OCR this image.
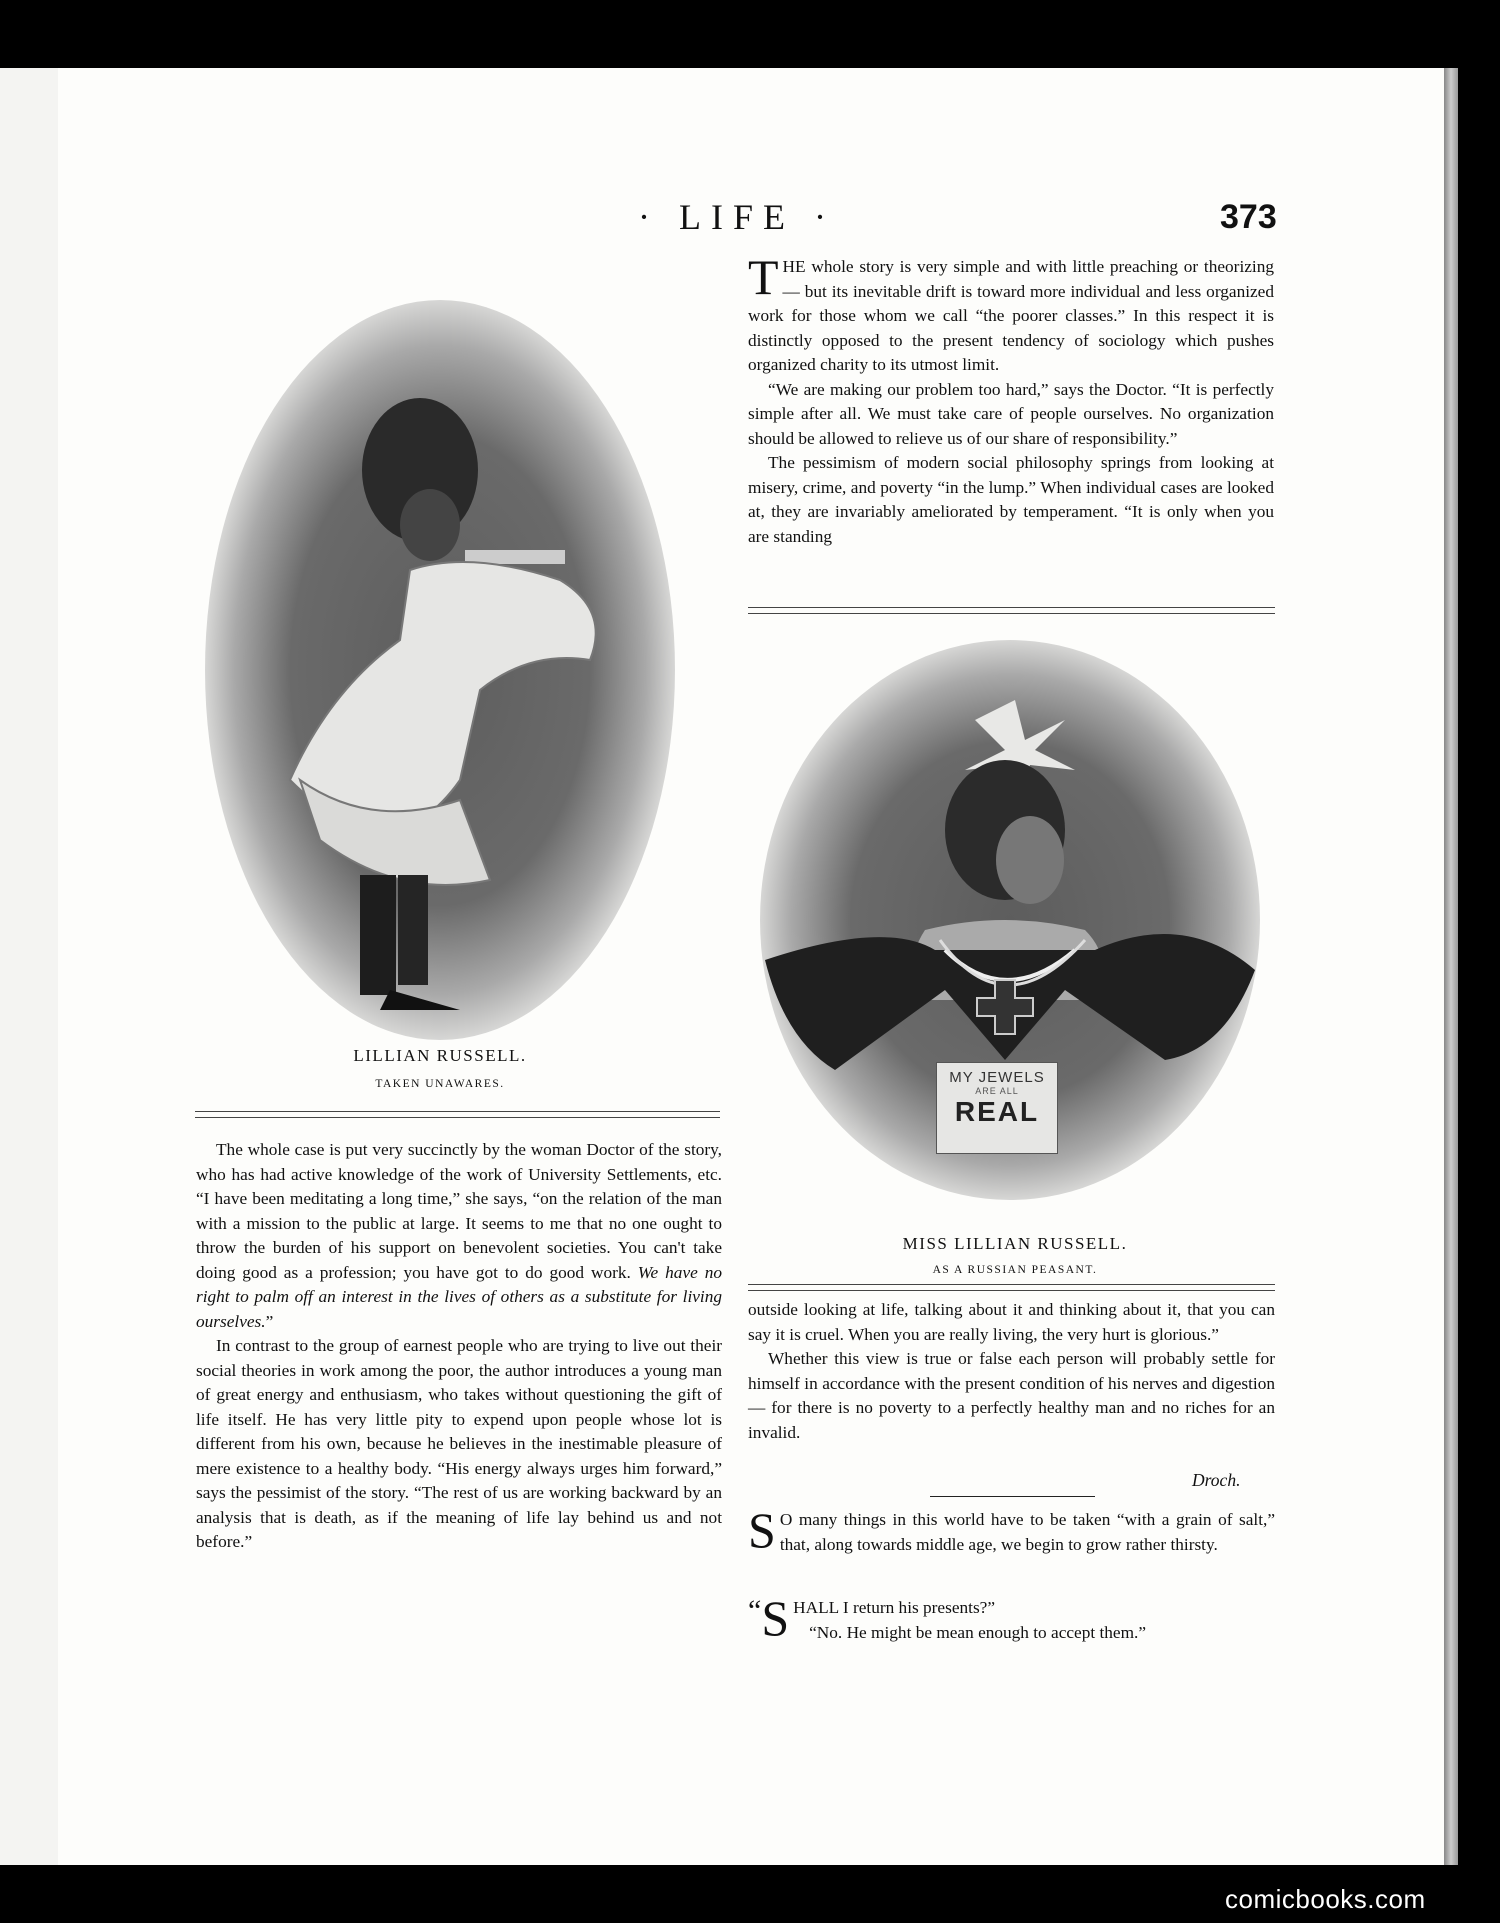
· LIFE ·	373
LILLIAN RUSSELL.
TAKEN UNAWARES.

THE whole story is very simple and with little preaching or theorizing — but its inevitable drift is toward more individual and less organized work for those whom we call “the poorer classes.” In this respect it is distinctly opposed to the present tendency of sociology which pushes organized charity to its utmost limit.

“We are making our problem too hard,” says the Doctor. “It is perfectly simple after all. We must take care of people ourselves. No organization should be allowed to relieve us of our share of responsibility.”

The pessimism of modern social philosophy springs from looking at misery, crime, and poverty “in the lump.” When individual cases are looked at, they are invariably ameliorated by temperament. “It is only when you are standing

MY JEWELS
ARE ALL
REAL
MISS LILLIAN RUSSELL.
AS A RUSSIAN PEASANT.

The whole case is put very succinctly by the woman Doctor of the story, who has had active knowledge of the work of University Settlements, etc. “I have been meditating a long time,” she says, “on the relation of the man with a mission to the public at large. It seems to me that no one ought to throw the burden of his support on benevolent societies. You can't take doing good as a profession; you have got to do good work. We have no right to palm off an interest in the lives of others as a substitute for living ourselves.”

In contrast to the group of earnest people who are trying to live out their social theories in work among the poor, the author introduces a young man of great energy and enthusiasm, who takes without questioning the gift of life itself. He has very little pity to expend upon people whose lot is different from his own, because he believes in the inestimable pleasure of mere existence to a healthy body. “His energy always urges him forward,” says the pessimist of the story. “The rest of us are working backward by an analysis that is death, as if the meaning of life lay behind us and not before.”

outside looking at life, talking about it and thinking about it, that you can say it is cruel. When you are really living, the very hurt is glorious.”

Whether this view is true or false each person will probably settle for himself in accordance with the present condition of his nerves and digestion — for there is no poverty to a perfectly healthy man and no riches for an invalid.

Droch.

S O many things in this world have to be taken “with a grain of salt,” that, along towards middle age, we begin to grow rather thirsty.

“ S HALL I return his presents?”
“No. He might be mean enough to accept them.”

comicbooks.com
